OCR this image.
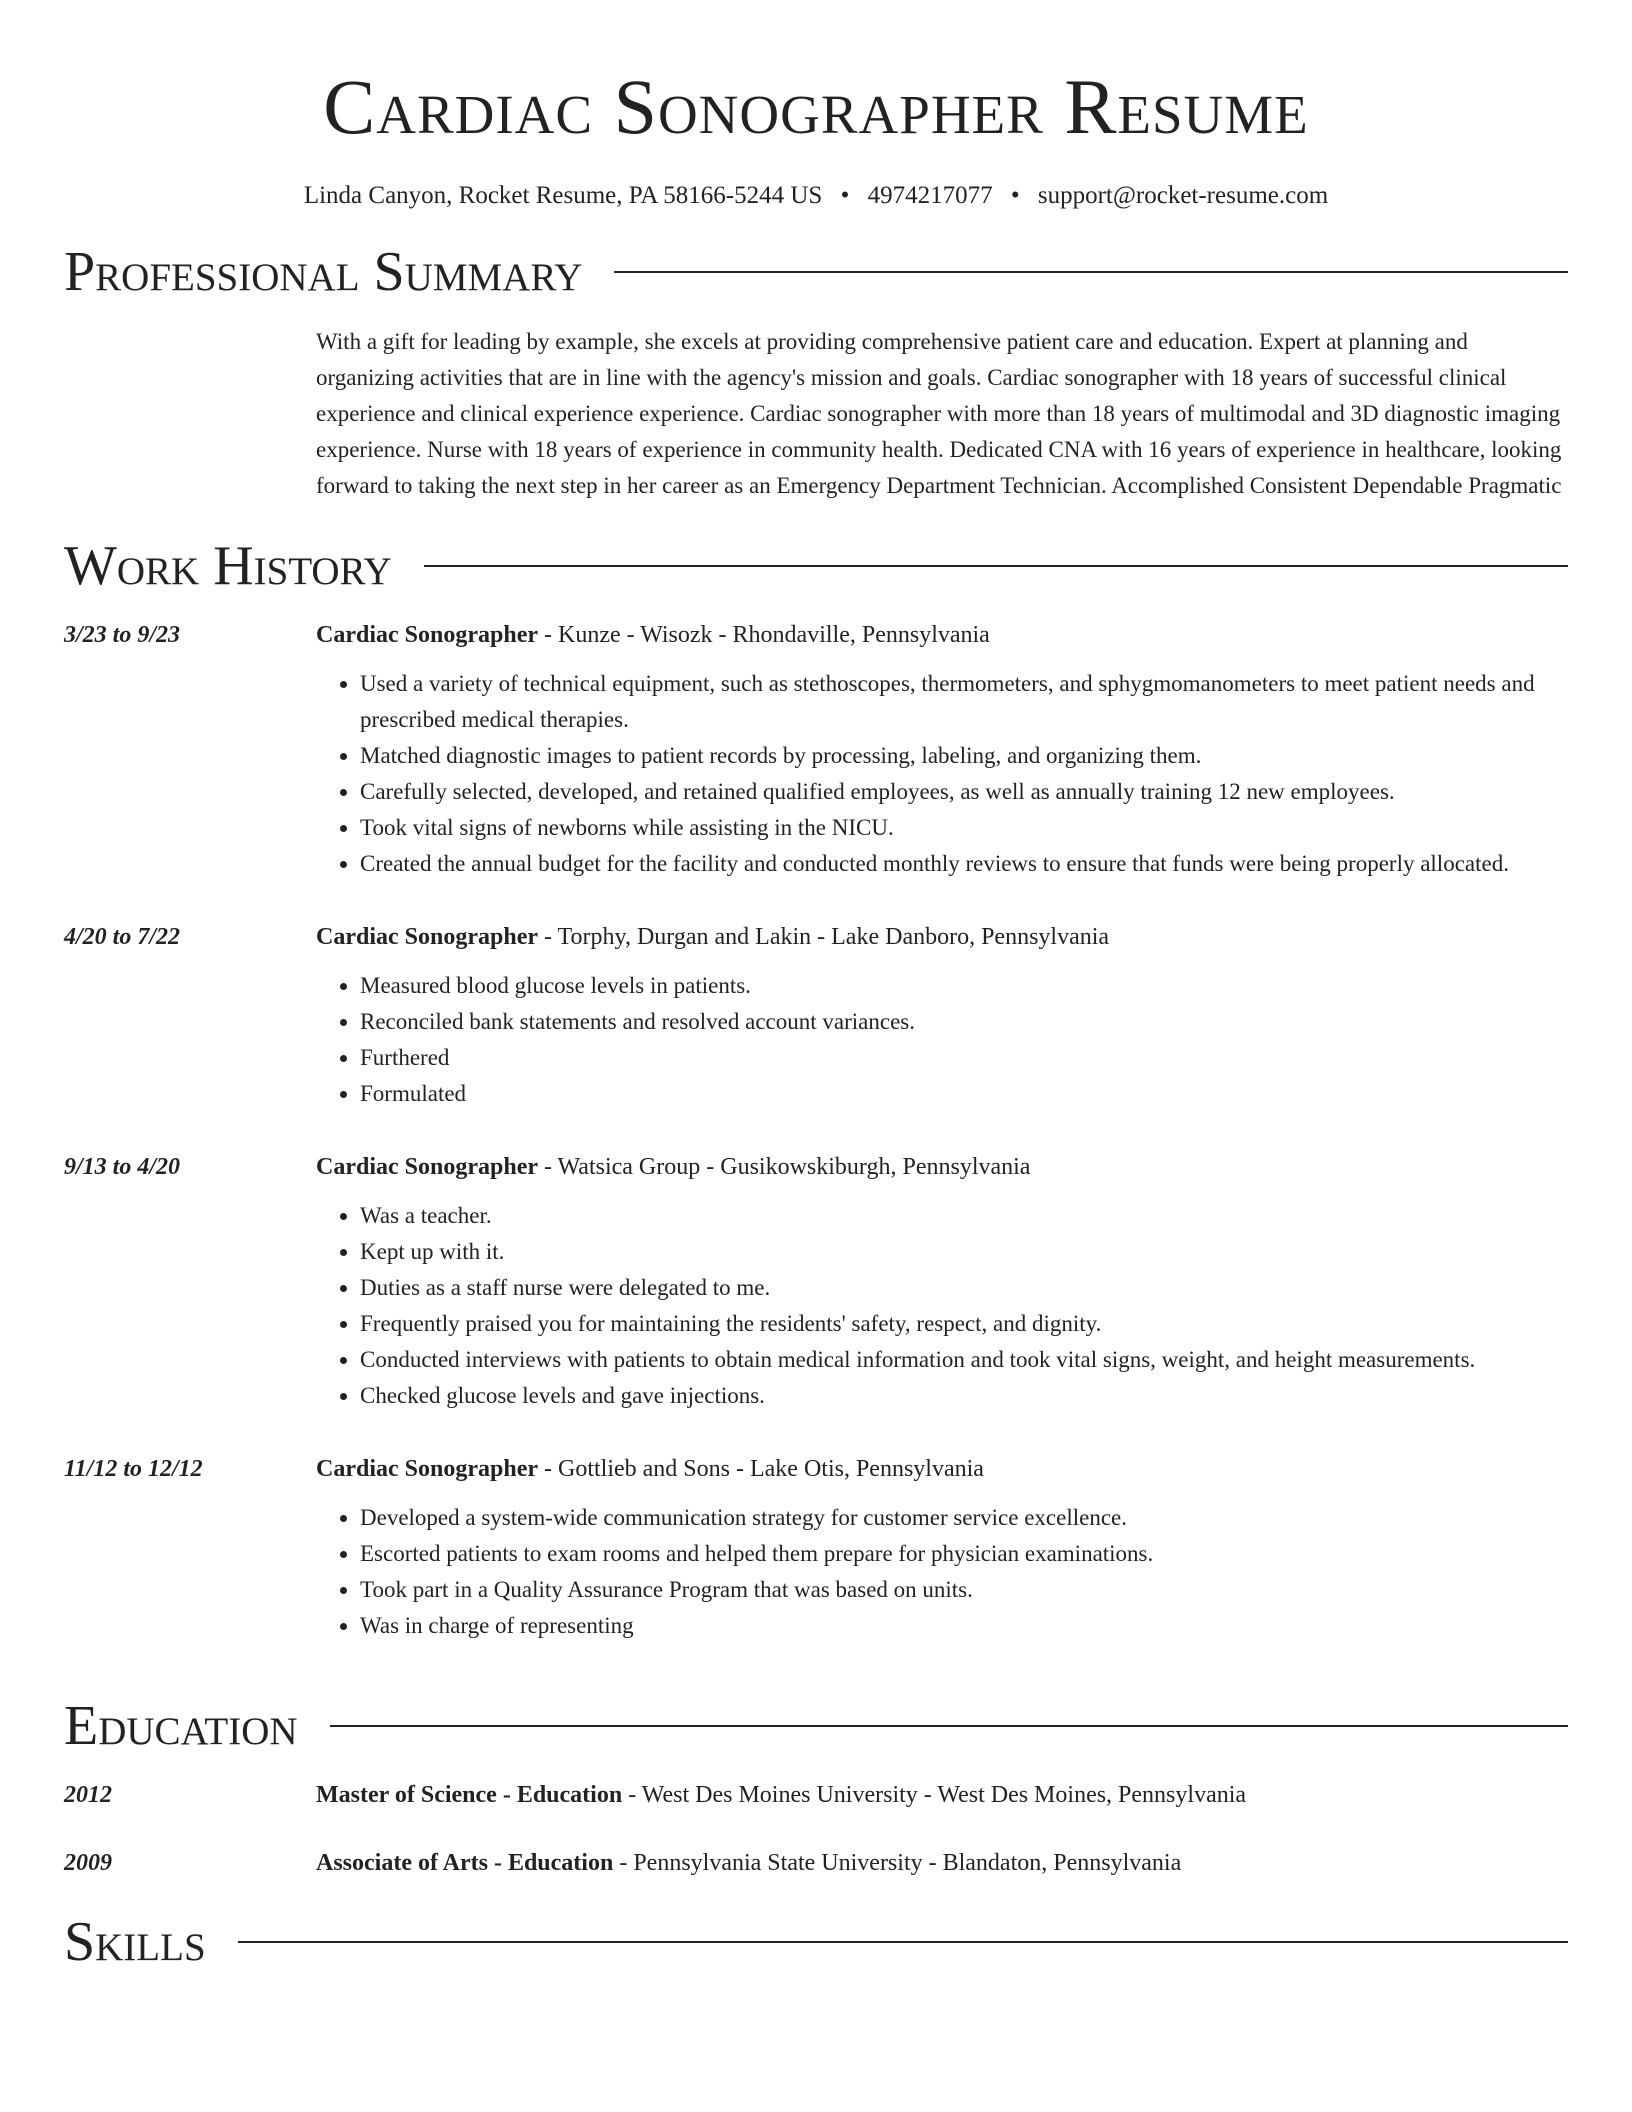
Cardiac Sonographer Resume
Linda Canyon, Rocket Resume, PA 58166-5244 US • 4974217077 • support@rocket-resume.com
Professional Summary
With a gift for leading by example, she excels at providing comprehensive patient care and education. Expert at planning and organizing activities that are in line with the agency's mission and goals. Cardiac sonographer with 18 years of successful clinical experience and clinical experience experience. Cardiac sonographer with more than 18 years of multimodal and 3D diagnostic imaging experience. Nurse with 18 years of experience in community health. Dedicated CNA with 16 years of experience in healthcare, looking forward to taking the next step in her career as an Emergency Department Technician. Accomplished Consistent Dependable Pragmatic
Work History
3/23 to 9/23	Cardiac Sonographer - Kunze - Wisozk - Rhondaville, Pennsylvania
• Used a variety of technical equipment, such as stethoscopes, thermometers, and sphygmomanometers to meet patient needs and prescribed medical therapies.
• Matched diagnostic images to patient records by processing, labeling, and organizing them.
• Carefully selected, developed, and retained qualified employees, as well as annually training 12 new employees.
• Took vital signs of newborns while assisting in the NICU.
• Created the annual budget for the facility and conducted monthly reviews to ensure that funds were being properly allocated.
4/20 to 7/22	Cardiac Sonographer - Torphy, Durgan and Lakin - Lake Danboro, Pennsylvania
• Measured blood glucose levels in patients.
• Reconciled bank statements and resolved account variances.
• Furthered
• Formulated
9/13 to 4/20	Cardiac Sonographer - Watsica Group - Gusikowskiburgh, Pennsylvania
• Was a teacher.
• Kept up with it.
• Duties as a staff nurse were delegated to me.
• Frequently praised you for maintaining the residents' safety, respect, and dignity.
• Conducted interviews with patients to obtain medical information and took vital signs, weight, and height measurements.
• Checked glucose levels and gave injections.
11/12 to 12/12	Cardiac Sonographer - Gottlieb and Sons - Lake Otis, Pennsylvania
• Developed a system-wide communication strategy for customer service excellence.
• Escorted patients to exam rooms and helped them prepare for physician examinations.
• Took part in a Quality Assurance Program that was based on units.
• Was in charge of representing
Education
2012	Master of Science - Education - West Des Moines University - West Des Moines, Pennsylvania
2009	Associate of Arts - Education - Pennsylvania State University - Blandaton, Pennsylvania
Skills
